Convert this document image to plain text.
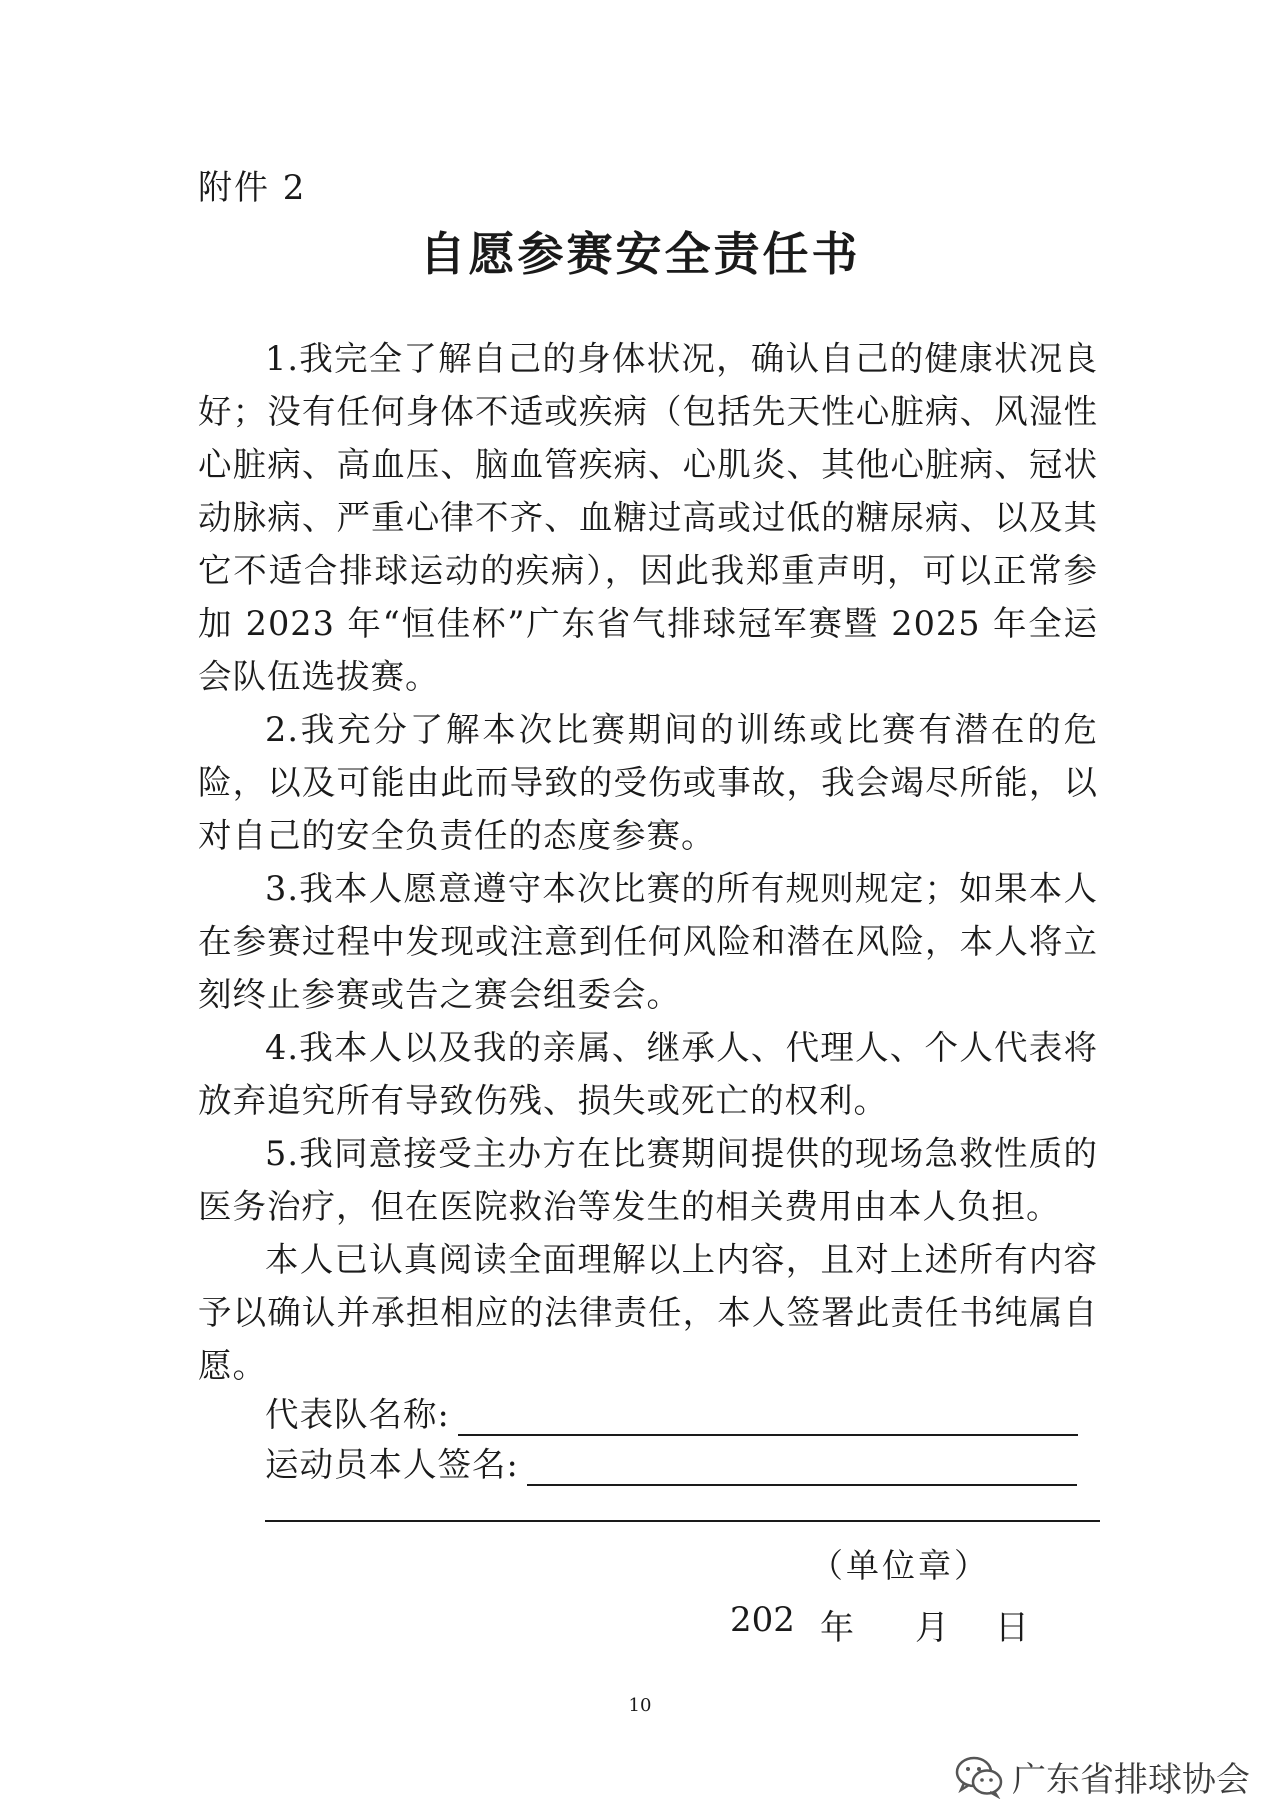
附件 2
自愿参赛安全责任书

1.我完全了解自己的身体状况，确认自己的健康状况良好；没有任何身体不适或疾病（包括先天性心脏病、风湿性心脏病、高血压、脑血管疾病、心肌炎、其他心脏病、冠状动脉病、严重心律不齐、血糖过高或过低的糖尿病、以及其它不适合排球运动的疾病），因此我郑重声明，可以正常参加 2023 年“恒佳杯”广东省气排球冠军赛暨 2025 年全运会队伍选拔赛。

2.我充分了解本次比赛期间的训练或比赛有潜在的危险，以及可能由此而导致的受伤或事故，我会竭尽所能，以对自己的安全负责任的态度参赛。

3.我本人愿意遵守本次比赛的所有规则规定；如果本人在参赛过程中发现或注意到任何风险和潜在风险，本人将立刻终止参赛或告之赛会组委会。

4.我本人以及我的亲属、继承人、代理人、个人代表将放弃追究所有导致伤残、损失或死亡的权利。

5.我同意接受主办方在比赛期间提供的现场急救性质的医务治疗，但在医院救治等发生的相关费用由本人负担。

本人已认真阅读全面理解以上内容，且对上述所有内容予以确认并承担相应的法律责任，本人签署此责任书纯属自愿。

代表队名称:
运动员本人签名:
（单位章）
202 年	月	日
10
广东省排球协会
